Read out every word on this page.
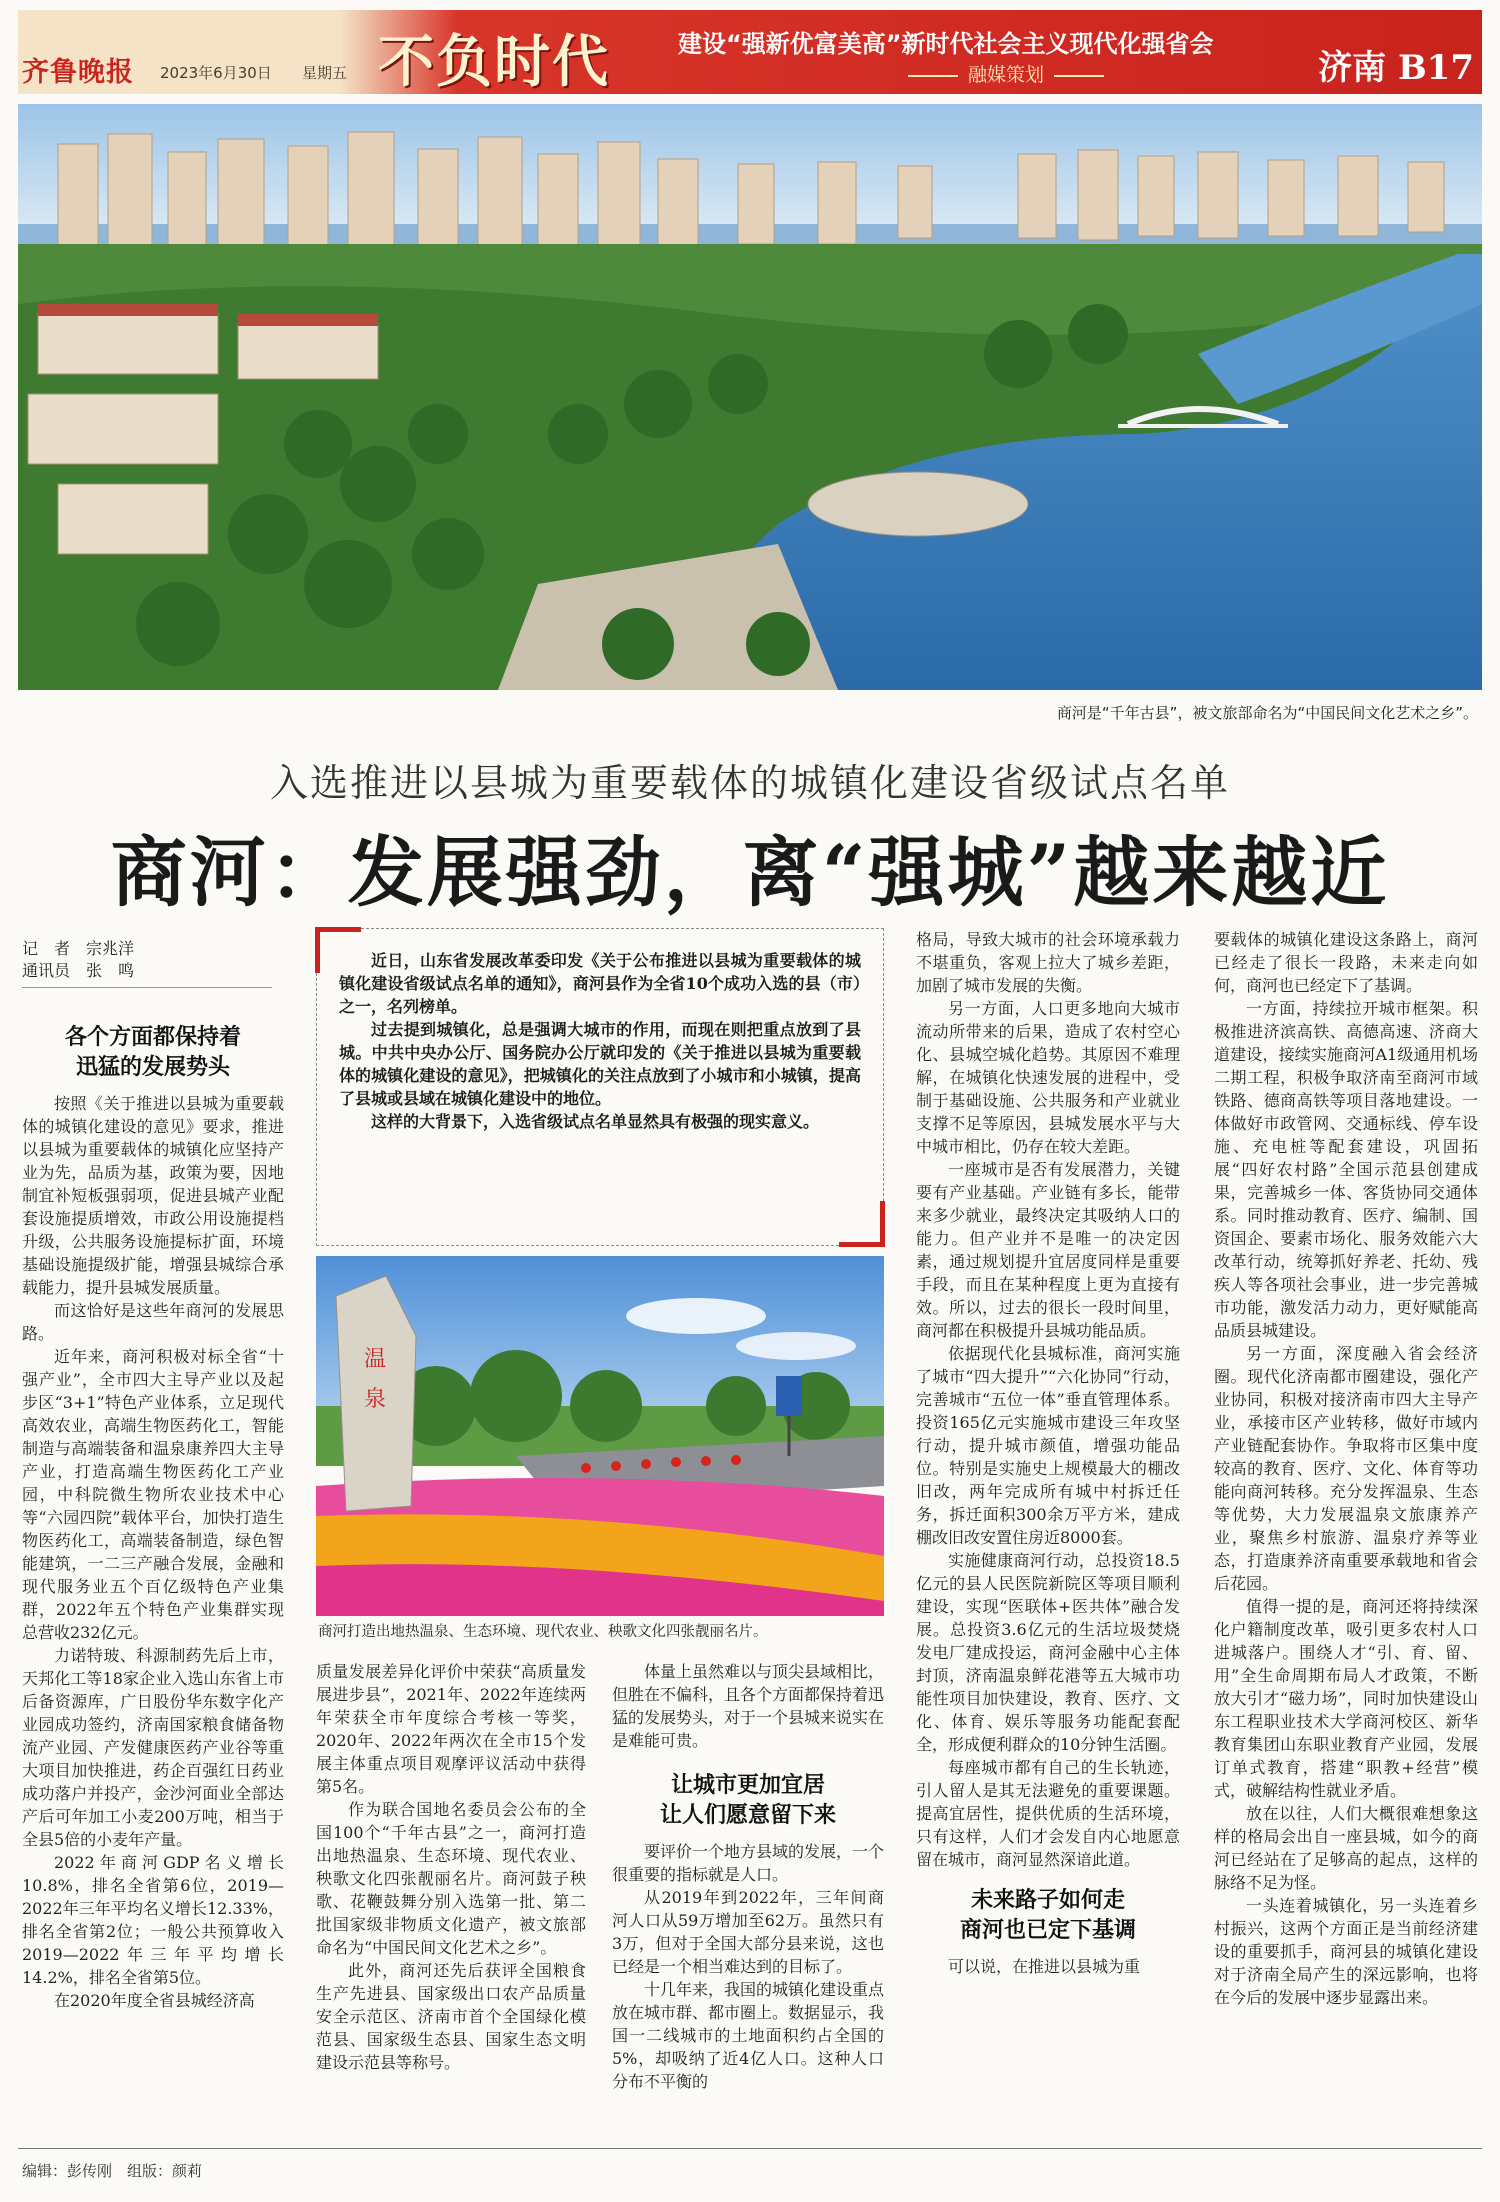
齐鲁晚报 2023年6月30日 星期五 不负时代	建设“强新优富美高”新时代社会主义现代化强省会
融媒策划	济南 B17
商河是“千年古县”，被文旅部命名为“中国民间文化艺术之乡”。
入选推进以县城为重要载体的城镇化建设省级试点名单
商河：发展强劲，离“强城”越来越近
记　者　宗兆洋
通讯员　张　鸣
各个方面都保持着
迅猛的发展势头

按照《关于推进以县城为重要载体的城镇化建设的意见》要求，推进以县城为重要载体的城镇化应坚持产业为先，品质为基，政策为要，因地制宜补短板强弱项，促进县城产业配套设施提质增效，市政公用设施提档升级，公共服务设施提标扩面，环境基础设施提级扩能，增强县城综合承载能力，提升县城发展质量。

而这恰好是这些年商河的发展思路。

近年来，商河积极对标全省“十强产业”，全市四大主导产业以及起步区“3+1”特色产业体系，立足现代高效农业，高端生物医药化工，智能制造与高端装备和温泉康养四大主导产业，打造高端生物医药化工产业园，中科院微生物所农业技术中心等“六园四院”载体平台，加快打造生物医药化工，高端装备制造，绿色智能建筑，一二三产融合发展，金融和现代服务业五个百亿级特色产业集群，2022年五个特色产业集群实现总营收232亿元。

力诺特玻、科源制药先后上市，天邦化工等18家企业入选山东省上市后备资源库，广日股份华东数字化产业园成功签约，济南国家粮食储备物流产业园、产发健康医药产业谷等重大项目加快推进，药企百强红日药业成功落户并投产，金沙河面业全部达产后可年加工小麦200万吨，相当于全县5倍的小麦年产量。

2022年商河GDP名义增长10.8%，排名全省第6位，2019—2022年三年平均名义增长12.33%，排名全省第2位；一般公共预算收入2019—2022年三年平均增长14.2%，排名全省第5位。

在2020年度全省县城经济高

近日，山东省发展改革委印发《关于公布推进以县城为重要载体的城镇化建设省级试点名单的通知》，商河县作为全省10个成功入选的县（市）之一，名列榜单。

过去提到城镇化，总是强调大城市的作用，而现在则把重点放到了县城。中共中央办公厅、国务院办公厅就印发的《关于推进以县城为重要载体的城镇化建设的意见》，把城镇化的关注点放到了小城市和小城镇，提高了县城或县域在城镇化建设中的地位。

这样的大背景下，入选省级试点名单显然具有极强的现实意义。

温
泉
商河打造出地热温泉、生态环境、现代农业、秧歌文化四张靓丽名片。

质量发展差异化评价中荣获“高质量发展进步县”，2021年、2022年连续两年荣获全市年度综合考核一等奖，2020年、2022年两次在全市15个发展主体重点项目观摩评议活动中获得第5名。

作为联合国地名委员会公布的全国100个“千年古县”之一，商河打造出地热温泉、生态环境、现代农业、秧歌文化四张靓丽名片。商河鼓子秧歌、花鞭鼓舞分别入选第一批、第二批国家级非物质文化遗产，被文旅部命名为“中国民间文化艺术之乡”。

此外，商河还先后获评全国粮食生产先进县、国家级出口农产品质量安全示范区、济南市首个全国绿化模范县、国家级生态县、国家生态文明建设示范县等称号。

体量上虽然难以与顶尖县域相比，但胜在不偏科，且各个方面都保持着迅猛的发展势头，对于一个县城来说实在是难能可贵。

让城市更加宜居
让人们愿意留下来

要评价一个地方县域的发展，一个很重要的指标就是人口。

从2019年到2022年，三年间商河人口从59万增加至62万。虽然只有3万，但对于全国大部分县来说，这也已经是一个相当难达到的目标了。

十几年来，我国的城镇化建设重点放在城市群、都市圈上。数据显示，我国一二线城市的土地面积约占全国的5%，却吸纳了近4亿人口。这种人口分布不平衡的

格局，导致大城市的社会环境承载力不堪重负，客观上拉大了城乡差距，加剧了城市发展的失衡。

另一方面，人口更多地向大城市流动所带来的后果，造成了农村空心化、县城空城化趋势。其原因不难理解，在城镇化快速发展的进程中，受制于基础设施、公共服务和产业就业支撑不足等原因，县城发展水平与大中城市相比，仍存在较大差距。

一座城市是否有发展潜力，关键要有产业基础。产业链有多长，能带来多少就业，最终决定其吸纳人口的能力。但产业并不是唯一的决定因素，通过规划提升宜居度同样是重要手段，而且在某种程度上更为直接有效。所以，过去的很长一段时间里，商河都在积极提升县城功能品质。

依据现代化县城标准，商河实施了城市“四大提升”“六化协同”行动，完善城市“五位一体”垂直管理体系。投资165亿元实施城市建设三年攻坚行动，提升城市颜值，增强功能品位。特别是实施史上规模最大的棚改旧改，两年完成所有城中村拆迁任务，拆迁面积300余万平方米，建成棚改旧改安置住房近8000套。

实施健康商河行动，总投资18.5亿元的县人民医院新院区等项目顺利建设，实现“医联体+医共体”融合发展。总投资3.6亿元的生活垃圾焚烧发电厂建成投运，商河金融中心主体封顶，济南温泉鲜花港等五大城市功能性项目加快建设，教育、医疗、文化、体育、娱乐等服务功能配套配全，形成便利群众的10分钟生活圈。

每座城市都有自己的生长轨迹，引人留人是其无法避免的重要课题。提高宜居性，提供优质的生活环境，只有这样，人们才会发自内心地愿意留在城市，商河显然深谙此道。

未来路子如何走
商河也已定下基调

可以说，在推进以县城为重

要载体的城镇化建设这条路上，商河已经走了很长一段路，未来走向如何，商河也已经定下了基调。

一方面，持续拉开城市框架。积极推进济滨高铁、高德高速、济商大道建设，接续实施商河A1级通用机场二期工程，积极争取济南至商河市域铁路、德商高铁等项目落地建设。一体做好市政管网、交通标线、停车设施、充电桩等配套建设，巩固拓展“四好农村路”全国示范县创建成果，完善城乡一体、客货协同交通体系。同时推动教育、医疗、编制、国资国企、要素市场化、服务效能六大改革行动，统筹抓好养老、托幼、残疾人等各项社会事业，进一步完善城市功能，激发活力动力，更好赋能高品质县城建设。

另一方面，深度融入省会经济圈。现代化济南都市圈建设，强化产业协同，积极对接济南市四大主导产业，承接市区产业转移，做好市域内产业链配套协作。争取将市区集中度较高的教育、医疗、文化、体育等功能向商河转移。充分发挥温泉、生态等优势，大力发展温泉文旅康养产业，聚焦乡村旅游、温泉疗养等业态，打造康养济南重要承载地和省会后花园。

值得一提的是，商河还将持续深化户籍制度改革，吸引更多农村人口进城落户。围绕人才“引、育、留、用”全生命周期布局人才政策，不断放大引才“磁力场”，同时加快建设山东工程职业技术大学商河校区、新华教育集团山东职业教育产业园，发展订单式教育，搭建“职教+经营”模式，破解结构性就业矛盾。

放在以往，人们大概很难想象这样的格局会出自一座县城，如今的商河已经站在了足够高的起点，这样的脉络不足为怪。

一头连着城镇化，另一头连着乡村振兴，这两个方面正是当前经济建设的重要抓手，商河县的城镇化建设对于济南全局产生的深远影响，也将在今后的发展中逐步显露出来。

编辑：彭传刚　组版：颜莉
